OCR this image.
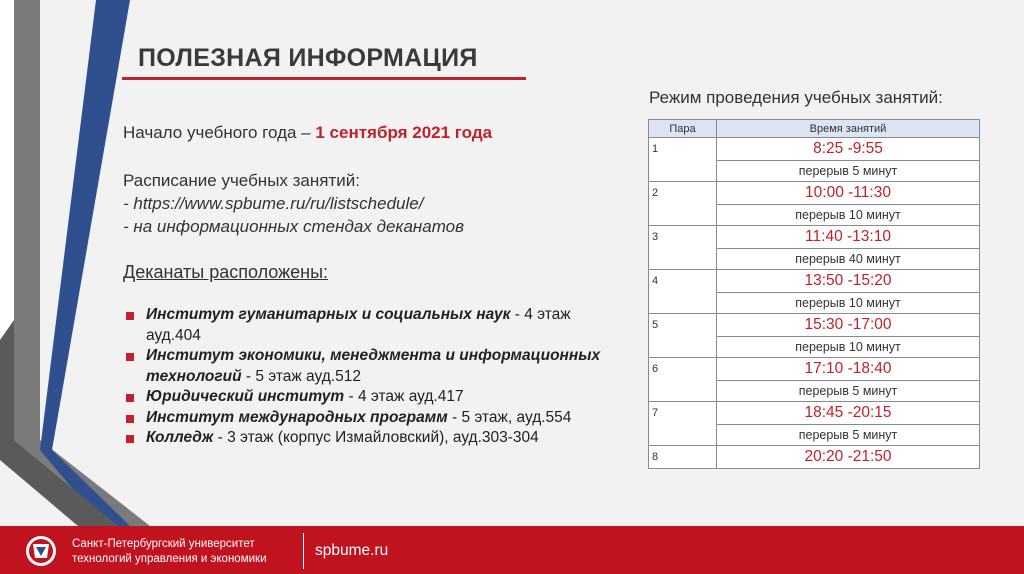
ПОЛЕЗНАЯ ИНФОРМАЦИЯ
Начало учебного года – 1 сентября 2021 года
Расписание учебных занятий:
- https://www.spbume.ru/ru/listschedule/
- на информационных стендах деканатов
Деканаты расположены:
Институт гуманитарных и социальных наук - 4 этаж ауд.404
Институт экономики, менеджмента и информационных технологий - 5 этаж ауд.512
Юридический институт - 4 этаж ауд.417
Институт международных программ - 5 этаж, ауд.554
Колледж - 3 этаж (корпус Измайловский), ауд.303-304
Режим проведения учебных занятий:
Пара	Время занятий
1	8:25 -9:55
	перерыв 5 минут
2	10:00 -11:30
	перерыв 10 минут
3	11:40 -13:10
	перерыв 40 минут
4	13:50 -15:20
	перерыв 10 минут
5	15:30 -17:00
	перерыв 10 минут
6	17:10 -18:40
	перерыв 5 минут
7	18:45 -20:15
	перерыв 5 минут
8	20:20 -21:50
Санкт-Петербургский университет
технологий управления и экономики	spbume.ru
